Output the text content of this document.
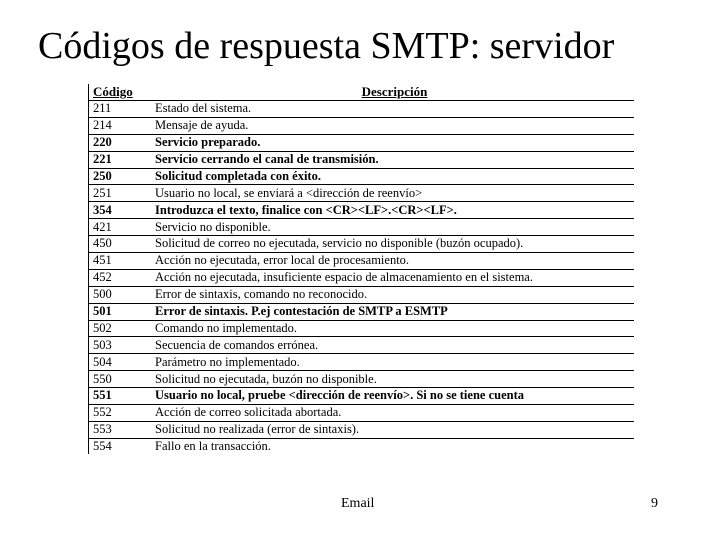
Códigos de respuesta SMTP: servidor
Código	Descripción
211	Estado del sistema.
214	Mensaje de ayuda.
220	Servicio preparado.
221	Servicio cerrando el canal de transmisión.
250	Solicitud completada con éxito.
251	Usuario no local, se enviará a <dirección de reenvío>
354	Introduzca el texto, finalice con <CR><LF>.<CR><LF>.
421	Servicio no disponible.
450	Solicitud de correo no ejecutada, servicio no disponible (buzón ocupado).
451	Acción no ejecutada, error local de procesamiento.
452	Acción no ejecutada, insuficiente espacio de almacenamiento en el sistema.
500	Error de sintaxis, comando no reconocido.
501	Error de sintaxis. P.ej contestación de SMTP a ESMTP
502	Comando no implementado.
503	Secuencia de comandos errónea.
504	Parámetro no implementado.
550	Solicitud no ejecutada, buzón no disponible.
551	Usuario no local, pruebe <dirección de reenvío>. Si no se tiene cuenta
552	Acción de correo solicitada abortada.
553	Solicitud no realizada (error de sintaxis).
554	Fallo en la transacción.
Email	9
